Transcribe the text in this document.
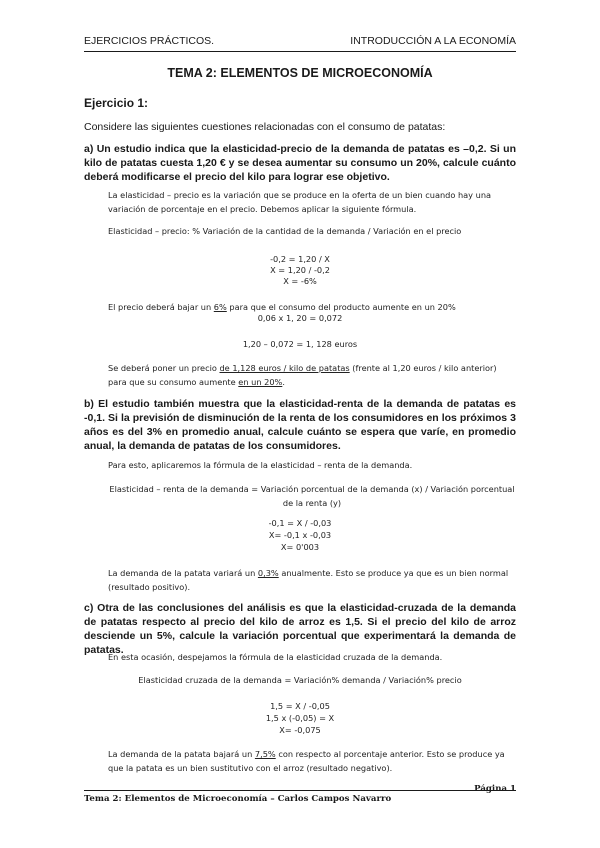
EJERCICIOS PRÁCTICOS.	INTRODUCCIÓN A LA ECONOMÍA
TEMA 2: ELEMENTOS DE MICROECONOMÍA
Ejercicio 1:
Considere las siguientes cuestiones relacionadas con el consumo de patatas:
a) Un estudio indica que la elasticidad-precio de la demanda de patatas es –0,2. Si un kilo de patatas cuesta 1,20 € y se desea aumentar su consumo un 20%, calcule cuánto deberá modificarse el precio del kilo para lograr ese objetivo.
La elasticidad – precio es la variación que se produce en la oferta de un bien cuando hay una variación de porcentaje en el precio. Debemos aplicar la siguiente fórmula.
Elasticidad – precio: % Variación de la cantidad de la demanda / Variación en el precio
-0,2 = 1,20 / X
X = 1,20 / -0,2
X = -6%
El precio deberá bajar un 6% para que el consumo del producto aumente en un 20%
0,06 x 1, 20 = 0,072
1,20 – 0,072 = 1, 128 euros
Se deberá poner un precio de 1,128 euros / kilo de patatas (frente al 1,20 euros / kilo anterior) para que su consumo aumente en un 20%.
b) El estudio también muestra que la elasticidad-renta de la demanda de patatas es -0,1. Si la previsión de disminución de la renta de los consumidores en los próximos 3 años es del 3% en promedio anual, calcule cuánto se espera que varíe, en promedio anual, la demanda de patatas de los consumidores.
Para esto, aplicaremos la fórmula de la elasticidad – renta de la demanda.
Elasticidad – renta de la demanda = Variación porcentual de la demanda (x) / Variación porcentual de la renta (y)
-0,1 = X / -0,03
X= -0,1 x -0,03
X= 0'003
La demanda de la patata variará un 0,3% anualmente. Esto se produce ya que es un bien normal (resultado positivo).
c) Otra de las conclusiones del análisis es que la elasticidad-cruzada de la demanda de patatas respecto al precio del kilo de arroz es 1,5. Si el precio del kilo de arroz desciende un 5%, calcule la variación porcentual que experimentará la demanda de patatas.
En esta ocasión, despejamos la fórmula de la elasticidad cruzada de la demanda.
Elasticidad cruzada de la demanda = Variación% demanda / Variación% precio
1,5 = X / -0,05
1,5 x (-0,05) = X
X= -0,075
La demanda de la patata bajará un 7,5% con respecto al porcentaje anterior. Esto se produce ya que la patata es un bien sustitutivo con el arroz (resultado negativo).
Tema 2: Elementos de Microeconomía – Carlos Campos Navarro
Página 1
